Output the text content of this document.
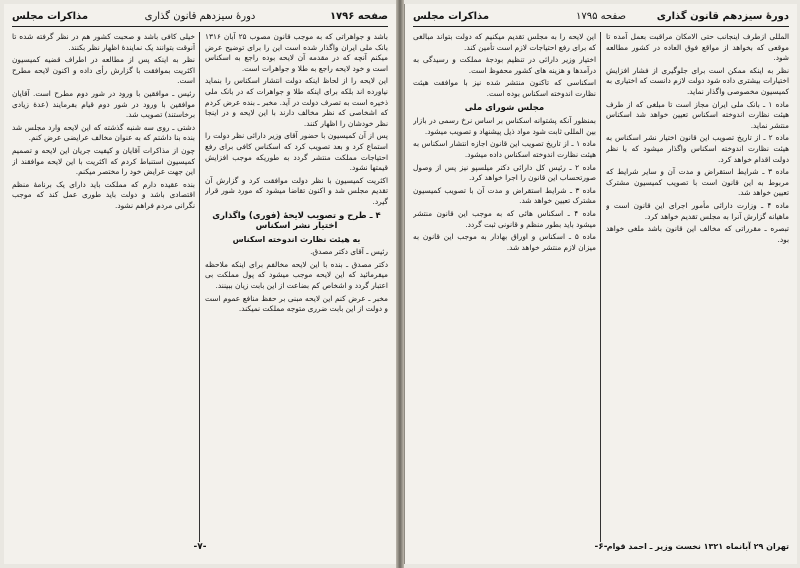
صفحه ۱۷۹۶
دورهٔ سیزدهم قانون گذاری
مذاکرات مجلس

باشد و جواهراتی که به موجب قانون مصوب ۲۵ آبان ۱۳۱۶ بانک ملی ایران واگذار شده است این را برای توضیح عرض میکنم آنچه که در مقدمه آن لایحه بوده راجع به اسکناس است و خود لایحه راجع به طلا و جواهرات است.

این لایحه را از لحاظ اینکه دولت انتشار اسکناس را بنماید نیاورده اند بلکه برای اینکه طلا و جواهرات که در بانک ملی ذخیره است به تصرف دولت در آید. مخبر ـ بنده عرض کردم که اشخاصی که نظر مخالف دارند با این لایحه و در اینجا نظر خودشان را اظهار کنند.

پس از آن کمیسیون با حضور آقای وزیر دارائی نظر دولت را استماع کرد و بعد تصویب کرد که اسکناس کافی برای رفع احتیاجات مملکت منتشر گردد به طوریکه موجب افزایش قیمتها نشود.

اکثریت کمیسیون با نظر دولت موافقت کرد و گزارش آن تقدیم مجلس شد و اکنون تقاضا میشود که مورد شور قرار گیرد.

۴ ـ طرح و تصویب لایحهٔ (فوری) واگذاری اختیار نشر اسکناس
به هیئت نظارت اندوخته اسکناس

رئیس ـ آقای دکتر مصدق.

دکتر مصدق ـ بنده با این لایحه مخالفم برای اینکه ملاحظه میفرمائید که این لایحه موجب میشود که پول مملکت بی اعتبار گردد و اشخاص کم بضاعت از این بابت زیان ببینند.

مخبر ـ عرض کنم این لایحه مبنی بر حفظ منافع عموم است و دولت از این بابت ضرری متوجه مملکت نمیکند.

خیلی کافی باشد و صحبت کشور هم در نظر گرفته شده تا آنوقت بتوانند یک نمایندهٔ اظهار نظر بکنند.

نظر به اینکه پس از مطالعه در اطراف قضیه کمیسیون اکثریت بموافقت با گزارش رأی داده و اکنون لایحه مطرح است.

رئیس ـ موافقین با ورود در شور دوم مطرح است. آقایان موافقین با ورود در شور دوم قیام بفرمایند (عدهٔ زیادی برخاستند) تصویب شد.

دشتی ـ روی سه شنبه گذشته که این لایحه وارد مجلس شد بنده بنا داشتم که به عنوان مخالف عرایضی عرض کنم.

چون از مذاکرات آقایان و کیفیت جریان این لایحه و تصمیم کمیسیون استنباط کردم که اکثریت با این لایحه موافقند از این جهت عرایض خود را مختصر میکنم.

بنده عقیده دارم که مملکت باید دارای یک برنامهٔ منظم اقتصادی باشد و دولت باید طوری عمل کند که موجب نگرانی مردم فراهم نشود.

-۷-
دورهٔ سیزدهم قانون گذاری
صفحه ۱۷۹۵
مذاکرات مجلس

المللی ازطرف اینجانب حتی الامکان مراقبت بعمل آمده تا موقعی که بخواهد از مواقع فوق العاده در کشور مطالعه شود.

نظر به اینکه ممکن است برای جلوگیری از فشار افزایش اختیارات بیشتری داده شود دولت لازم دانست که اختیاری به کمیسیون مخصوصی واگذار نماید.

ماده ۱ ـ بانک ملی ایران مجاز است تا مبلغی که از طرف هیئت نظارت اندوخته اسکناس تعیین خواهد شد اسکناس منتشر نماید.

ماده ۲ ـ از تاریخ تصویب این قانون اختیار نشر اسکناس به هیئت نظارت اندوخته اسکناس واگذار میشود که با نظر دولت اقدام خواهد کرد.

ماده ۳ ـ شرایط استقراض و مدت آن و سایر شرایط که مربوط به این قانون است با تصویب کمیسیون مشترک تعیین خواهد شد.

ماده ۴ ـ وزارت دارائی مأمور اجرای این قانون است و ماهیانه گزارش آنرا به مجلس تقدیم خواهد کرد.

تبصره ـ مقرراتی که مخالف این قانون باشد ملغی خواهد بود.

این لایحه را به مجلس تقدیم میکنیم که دولت بتواند مبالغی که برای رفع احتیاجات لازم است تأمین کند.

اختیار وزیر دارائی در تنظیم بودجهٔ مملکت و رسیدگی به درآمدها و هزینه های کشور محفوظ است.

اسکناسی که تاکنون منتشر شده نیز با موافقت هیئت نظارت اندوخته اسکناس بوده است.

مجلس شورای ملی

بمنظور آنکه پشتوانه اسکناس بر اساس نرخ رسمی در بازار بین المللی ثابت شود مواد ذیل پیشنهاد و تصویب میشود.

ماده ۱ ـ از تاریخ تصویب این قانون اجازه انتشار اسکناس به هیئت نظارت اندوخته اسکناس داده میشود.

ماده ۲ ـ رئیس کل دارائی دکتر میلسپو نیز پس از وصول صورتحساب این قانون را اجرا خواهد کرد.

ماده ۳ ـ شرایط استقراض و مدت آن با تصویب کمیسیون مشترک تعیین خواهد شد.

ماده ۴ ـ اسکناس هائی که به موجب این قانون منتشر میشود باید بطور منظم و قانونی ثبت گردد.

ماده ۵ ـ اسکناس و اوراق بهادار به موجب این قانون به میزان لازم منتشر خواهد شد.

تهران ۲۹ آبانماه ۱۳۲۱ نخست وزیر ـ احمد قوام
-۶-
